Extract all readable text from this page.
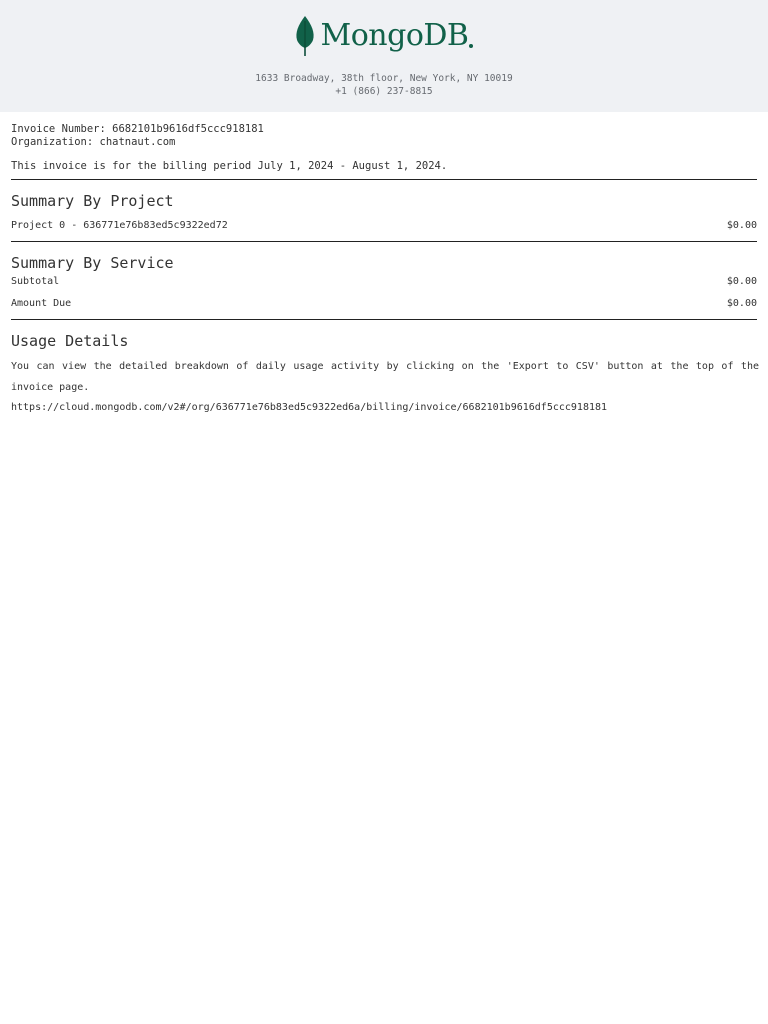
MongoDB
1633 Broadway, 38th floor, New York, NY 10019
+1 (866) 237-8815
Invoice Number: 6682101b9616df5ccc918181
Organization: chatnaut.com
This invoice is for the billing period July 1, 2024 - August 1, 2024.
Summary By Project
Project 0 - 636771e76b83ed5c9322ed72	$0.00
Summary By Service
Subtotal	$0.00
Amount Due	$0.00
Usage Details
You can view the detailed breakdown of daily usage activity by clicking on the 'Export to CSV' button at the top of the invoice page.
https://cloud.mongodb.com/v2#/org/636771e76b83ed5c9322ed6a/billing/invoice/6682101b9616df5ccc918181
